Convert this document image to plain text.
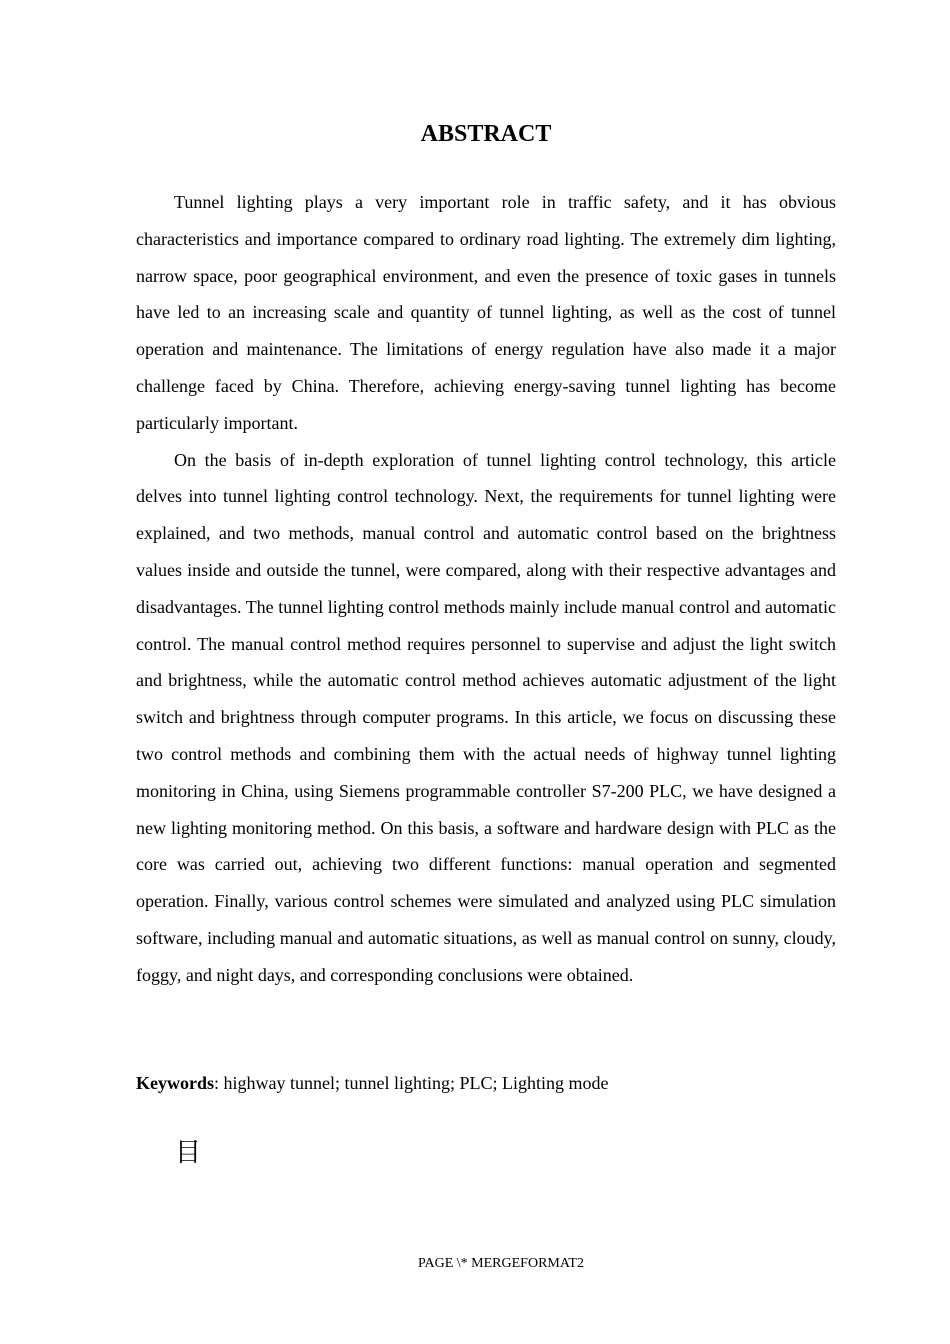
ABSTRACT

Tunnel lighting plays a very important role in traffic safety, and it has obvious characteristics and importance compared to ordinary road lighting. The extremely dim lighting, narrow space, poor geographical environment, and even the presence of toxic gases in tunnels have led to an increasing scale and quantity of tunnel lighting, as well as the cost of tunnel operation and maintenance. The limitations of energy regulation have also made it a major challenge faced by China. Therefore, achieving energy-saving tunnel lighting has become particularly important.

On the basis of in-depth exploration of tunnel lighting control technology, this article delves into tunnel lighting control technology. Next, the requirements for tunnel lighting were explained, and two methods, manual control and automatic control based on the brightness values inside and outside the tunnel, were compared, along with their respective advantages and disadvantages. The tunnel lighting control methods mainly include manual control and automatic control. The manual control method requires personnel to supervise and adjust the light switch and brightness, while the automatic control method achieves automatic adjustment of the light switch and brightness through computer programs. In this article, we focus on discussing these two control methods and combining them with the actual needs of highway tunnel lighting monitoring in China, using Siemens programmable controller S7-200 PLC, we have designed a new lighting monitoring method. On this basis, a software and hardware design with PLC as the core was carried out, achieving two different functions: manual operation and segmented operation. Finally, various control schemes were simulated and analyzed using PLC simulation software, including manual and automatic situations, as well as manual control on sunny, cloudy, foggy, and night days, and corresponding conclusions were obtained.

Keywords: highway tunnel; tunnel lighting; PLC; Lighting mode

目
PAGE \* MERGEFORMAT2
